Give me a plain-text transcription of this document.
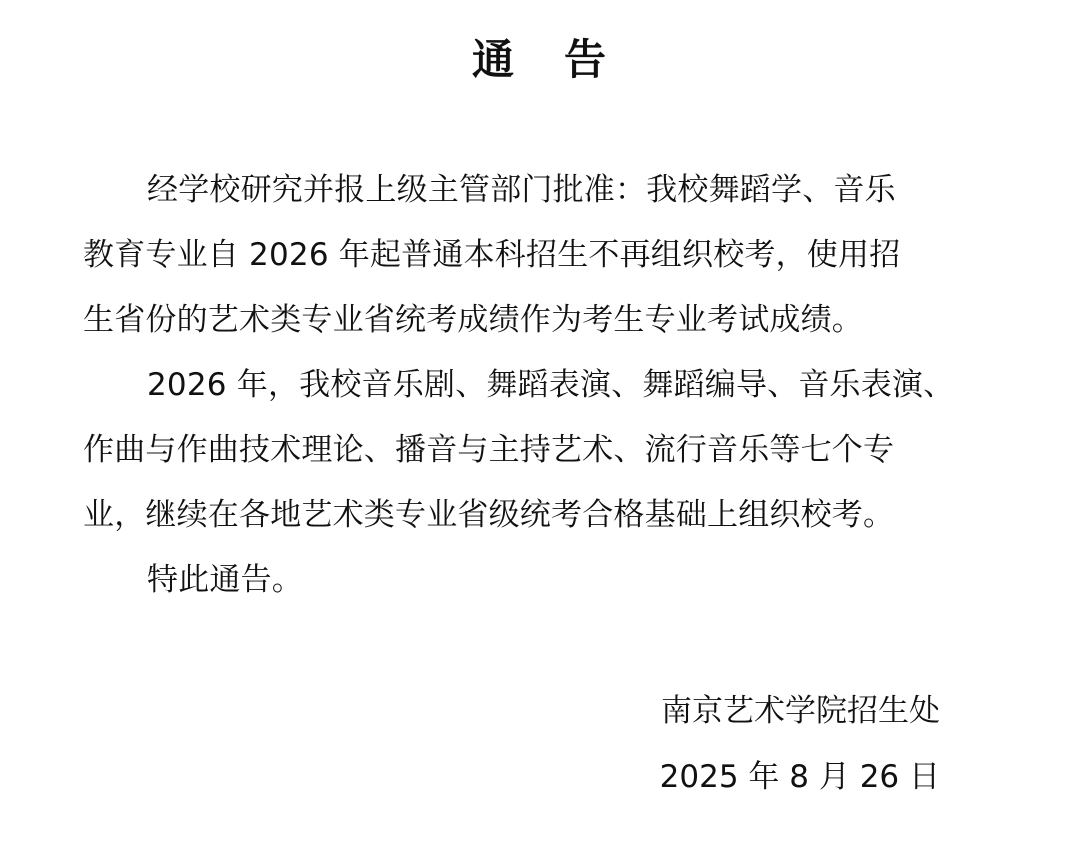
通 告
经学校研究并报上级主管部门批准：我校舞蹈学、音乐
教育专业自 2026 年起普通本科招生不再组织校考，使用招
生省份的艺术类专业省统考成绩作为考生专业考试成绩。
2026 年，我校音乐剧、舞蹈表演、舞蹈编导、音乐表演、
作曲与作曲技术理论、播音与主持艺术、流行音乐等七个专
业，继续在各地艺术类专业省级统考合格基础上组织校考。
特此通告。
南京艺术学院招生处
2025 年 8 月 26 日
